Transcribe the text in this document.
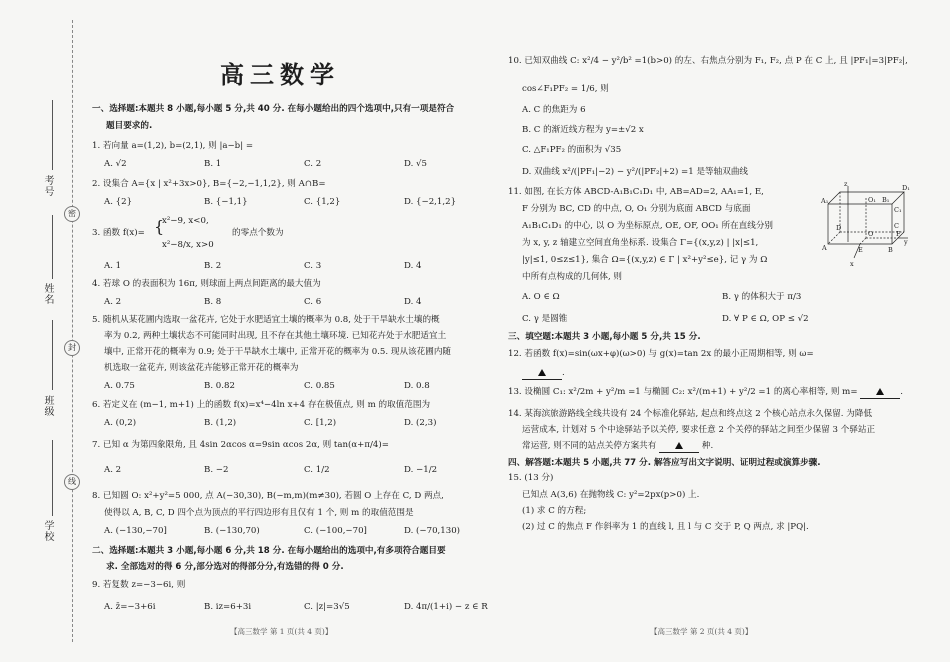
考号
姓名
班级
学校
密
封
线
高三数学
一、选择题:本题共 8 小题,每小题 5 分,共 40 分. 在每小题给出的四个选项中,只有一项是符合
题目要求的.
1. 若向量 a=(1,2), b=(2,1), 则 |a−b| =
A. √2	B. 1	C. 2	D. √5
2. 设集合 A={x | x²+3x>0}, B={−2,−1,1,2}, 则 A∩B=
A. {2}	B. {−1,1}	C. {1,2}	D. {−2,1,2}
3. 函数 f(x)= {
x²−9, x<0,
x²−8/x, x>0
的零点个数为
A. 1	B. 2	C. 3	D. 4
4. 若球 O 的表面积为 16π, 则球面上两点间距离的最大值为
A. 2	B. 8	C. 6	D. 4
5. 随机从某花圃内选取一盆花卉, 它处于水肥适宜土壤的概率为 0.8, 处于干旱缺水土壤的概
率为 0.2, 两种土壤状态不可能同时出现, 且不存在其他土壤环境. 已知花卉处于水肥适宜土
壤中, 正常开花的概率为 0.9; 处于干旱缺水土壤中, 正常开花的概率为 0.5. 现从该花圃内随
机选取一盆花卉, 则该盆花卉能够正常开花的概率为
A. 0.75	B. 0.82	C. 0.85	D. 0.8
6. 若定义在 (m−1, m+1) 上的函数 f(x)=x⁴−4ln x+4 存在极值点, 则 m 的取值范围为
A. (0,2)	B. (1,2)	C. [1,2)	D. (2,3)
7. 已知 α 为第四象限角, 且 4sin 2αcos α=9sin αcos 2α, 则 tan(α+π/4)=
A. 2	B. −2	C. 1/2	D. −1/2
8. 已知圆 O: x²+y²=5 000, 点 A(−30,30), B(−m,m)(m≠30), 若圆 O 上存在 C, D 两点,
使得以 A, B, C, D 四个点为顶点的平行四边形有且仅有 1 个, 则 m 的取值范围是
A. (−130,−70]	B. (−130,70)	C. (−100,−70]	D. (−70,130)
二、选择题:本题共 3 小题,每小题 6 分,共 18 分. 在每小题给出的选项中,有多项符合题目要
求. 全部选对的得 6 分,部分选对的得部分分,有选错的得 0 分.
9. 若复数 z=−3−6i, 则
A. z̄=−3+6i	B. iz=6+3i	C. |z|=3√5	D. 4π/(1+i) − z ∈ R
【高三数学 第 1 页(共 4 页)】
10. 已知双曲线 C: x²/4 − y²/b² =1(b>0) 的左、右焦点分别为 F₁, F₂, 点 P 在 C 上, 且 |PF₁|=3|PF₂|,
cos∠F₁PF₂ = 1/6, 则
A. C 的焦距为 6
B. C 的渐近线方程为 y=±√2 x
C. △F₁PF₂ 的面积为 √35
D. 双曲线 x²/(|PF₁|−2) − y²/(|PF₂|+2) =1 是等轴双曲线
11. 如图, 在长方体 ABCD-A₁B₁C₁D₁ 中, AB=AD=2, AA₁=1, E,
F 分别为 BC, CD 的中点, O, O₁ 分别为底面 ABCD 与底面
A₁B₁C₁D₁ 的中心, 以 O 为坐标原点, OE, OF, OO₁ 所在直线分别
为 x, y, z 轴建立空间直角坐标系. 设集合 Γ={(x,y,z) | |x|≤1,
|y|≤1, 0≤z≤1}, 集合 Ω={(x,y,z) ∈ Γ | x²+y²≤e}, 记 γ 为 Ω
中所有点构成的几何体, 则
A. O ∈ Ω	B. γ 的体积大于 π/3
C. γ 是圆锥	D. ∀ P ∈ Ω, OP ≤ √2
三、填空题:本题共 3 小题,每小题 5 分,共 15 分.
12. 若函数 f(x)=sin(ωx+φ)(ω>0) 与 g(x)=tan 2x 的最小正周期相等, 则 ω=
.
13. 设椭圆 C₁: x²/2m + y²/m =1 与椭圆 C₂: x²/(m+1) + y²/2 =1 的离心率相等, 则 m=	.
14. 某海滨旅游路线全线共设有 24 个标准化驿站, 起点和终点这 2 个核心站点永久保留. 为降低
运营成本, 计划对 5 个中途驿站予以关停, 要求任意 2 个关停的驿站之间至少保留 3 个驿站正
常运营, 则不同的站点关停方案共有	种.
四、解答题:本题共 5 小题,共 77 分. 解答应写出文字说明、证明过程或演算步骤.
15. (13 分)
已知点 A(3,6) 在抛物线 C: y²=2px(p>0) 上.
(1) 求 C 的方程;
(2) 过 C 的焦点 F 作斜率为 1 的直线 l, 且 l 与 C 交于 P, Q 两点, 求 |PQ|.
【高三数学 第 2 页(共 4 页)】
z
A₁	B₁
C₁
D₁
O₁
A	B
C
D
O
E
F
x
y
